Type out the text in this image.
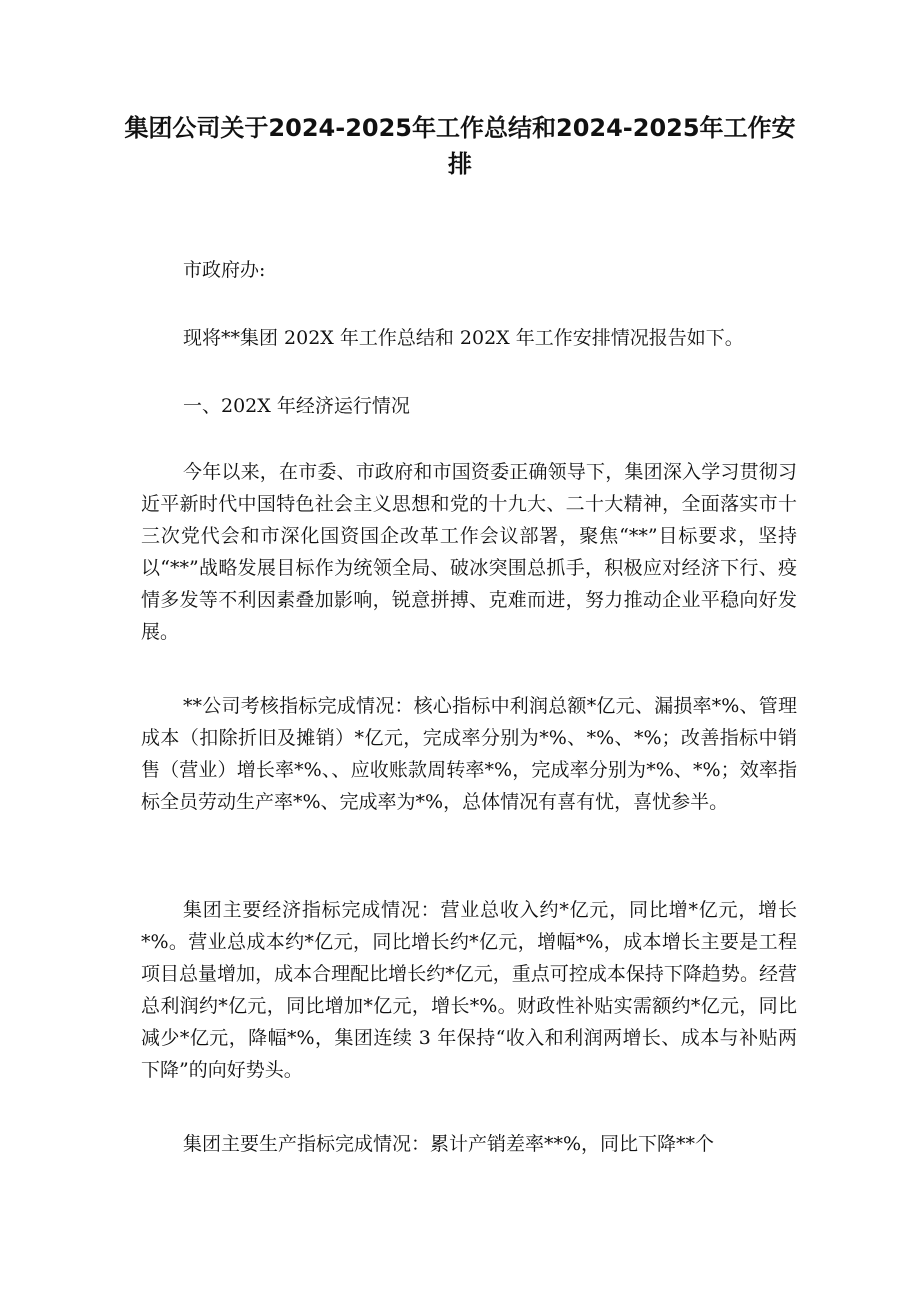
集团公司关于2024-2025年工作总结和2024-2025年工作安排

市政府办:

现将**集团 202X 年工作总结和 202X 年工作安排情况报告如下。

一、202X 年经济运行情况

今年以来，在市委、市政府和市国资委正确领导下，集团深入学习贯彻习近平新时代中国特色社会主义思想和党的十九大、二十大精神，全面落实市十三次党代会和市深化国资国企改革工作会议部署，聚焦“**”目标要求，坚持以“**”战略发展目标作为统领全局、破冰突围总抓手，积极应对经济下行、疫情多发等不利因素叠加影响，锐意拼搏、克难而进，努力推动企业平稳向好发展。

**公司考核指标完成情况：核心指标中利润总额*亿元、漏损率*%、管理成本（扣除折旧及摊销）*亿元，完成率分别为*%、*%、*%；改善指标中销售（营业）增长率*%、、应收账款周转率*%，完成率分别为*%、*%；效率指标全员劳动生产率*%、完成率为*%，总体情况有喜有忧，喜忧参半。

集团主要经济指标完成情况：营业总收入约*亿元，同比增*亿元，增长*%。营业总成本约*亿元，同比增长约*亿元，增幅*%，成本增长主要是工程项目总量增加，成本合理配比增长约*亿元，重点可控成本保持下降趋势。经营总利润约*亿元，同比增加*亿元，增长*%。财政性补贴实需额约*亿元，同比减少*亿元，降幅*%，集团连续 3 年保持“收入和利润两增长、成本与补贴两下降”的向好势头。

集团主要生产指标完成情况：累计产销差率**%，同比下降**个
